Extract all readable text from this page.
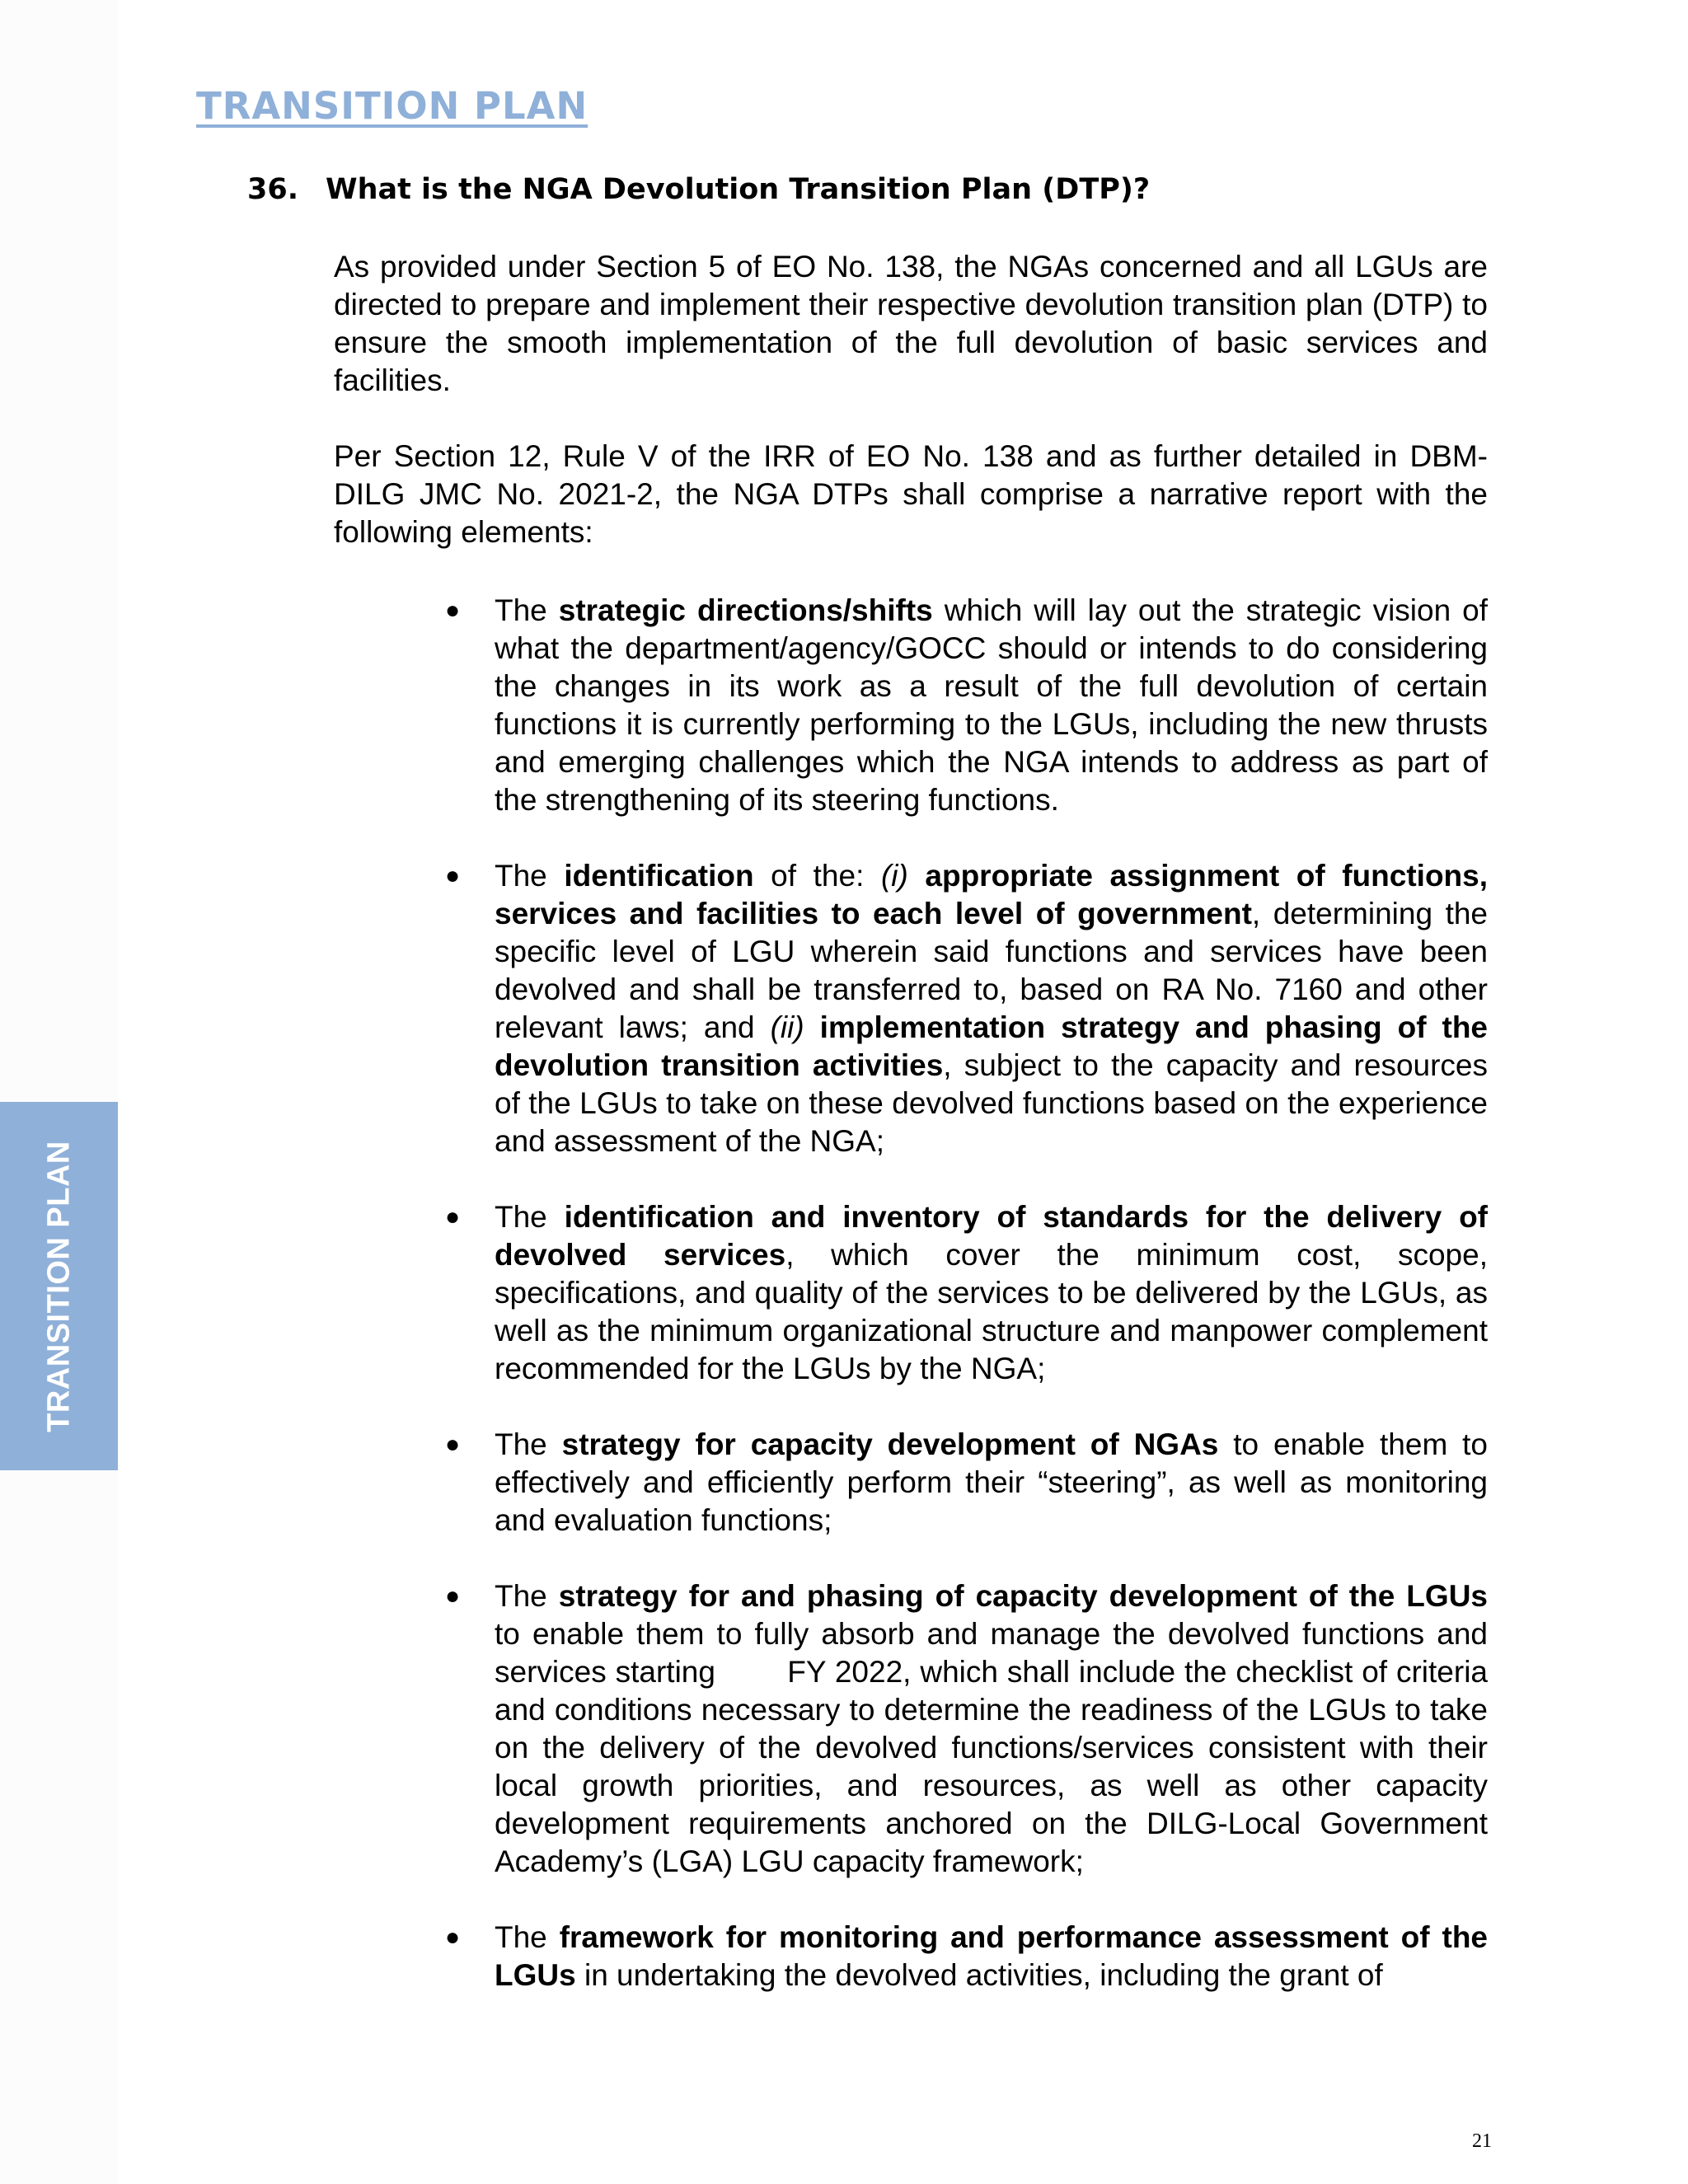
TRANSITION PLAN
TRANSITION PLAN
36. What is the NGA Devolution Transition Plan (DTP)?

As provided under Section 5 of EO No. 138, the NGAs concerned and all LGUs are directed to prepare and implement their respective devolution transition plan (DTP) to ensure the smooth implementation of the full devolution of basic services and facilities.

Per Section 12, Rule V of the IRR of EO No. 138 and as further detailed in DBM-DILG JMC No. 2021-2, the NGA DTPs shall comprise a narrative report with the following elements:

● The strategic directions/shifts which will lay out the strategic vision of what the department/agency/GOCC should or intends to do considering the changes in its work as a result of the full devolution of certain functions it is currently performing to the LGUs, including the new thrusts and emerging challenges which the NGA intends to address as part of the strengthening of its steering functions.
● The identification of the: (i) appropriate assignment of functions, services and facilities to each level of government, determining the specific level of LGU wherein said functions and services have been devolved and shall be transferred to, based on RA No. 7160 and other relevant laws; and (ii) implementation strategy and phasing of the devolution transition activities, subject to the capacity and resources of the LGUs to take on these devolved functions based on the experience and assessment of the NGA;
● The identification and inventory of standards for the delivery of devolved services, which cover the minimum cost, scope, specifications, and quality of the services to be delivered by the LGUs, as well as the minimum organizational structure and manpower complement recommended for the LGUs by the NGA;
● The strategy for capacity development of NGAs to enable them to effectively and efficiently perform their “steering”, as well as monitoring and evaluation functions;
● The strategy for and phasing of capacity development of the LGUs to enable them to fully absorb and manage the devolved functions and services starting        FY 2022, which shall include the checklist of criteria and conditions necessary to determine the readiness of the LGUs to take on the delivery of the devolved functions/services consistent with their local growth priorities, and resources, as well as other capacity development requirements anchored on the DILG-Local Government Academy’s (LGA) LGU capacity framework;
● The framework for monitoring and performance assessment of the LGUs in undertaking the devolved activities, including the grant of
21
